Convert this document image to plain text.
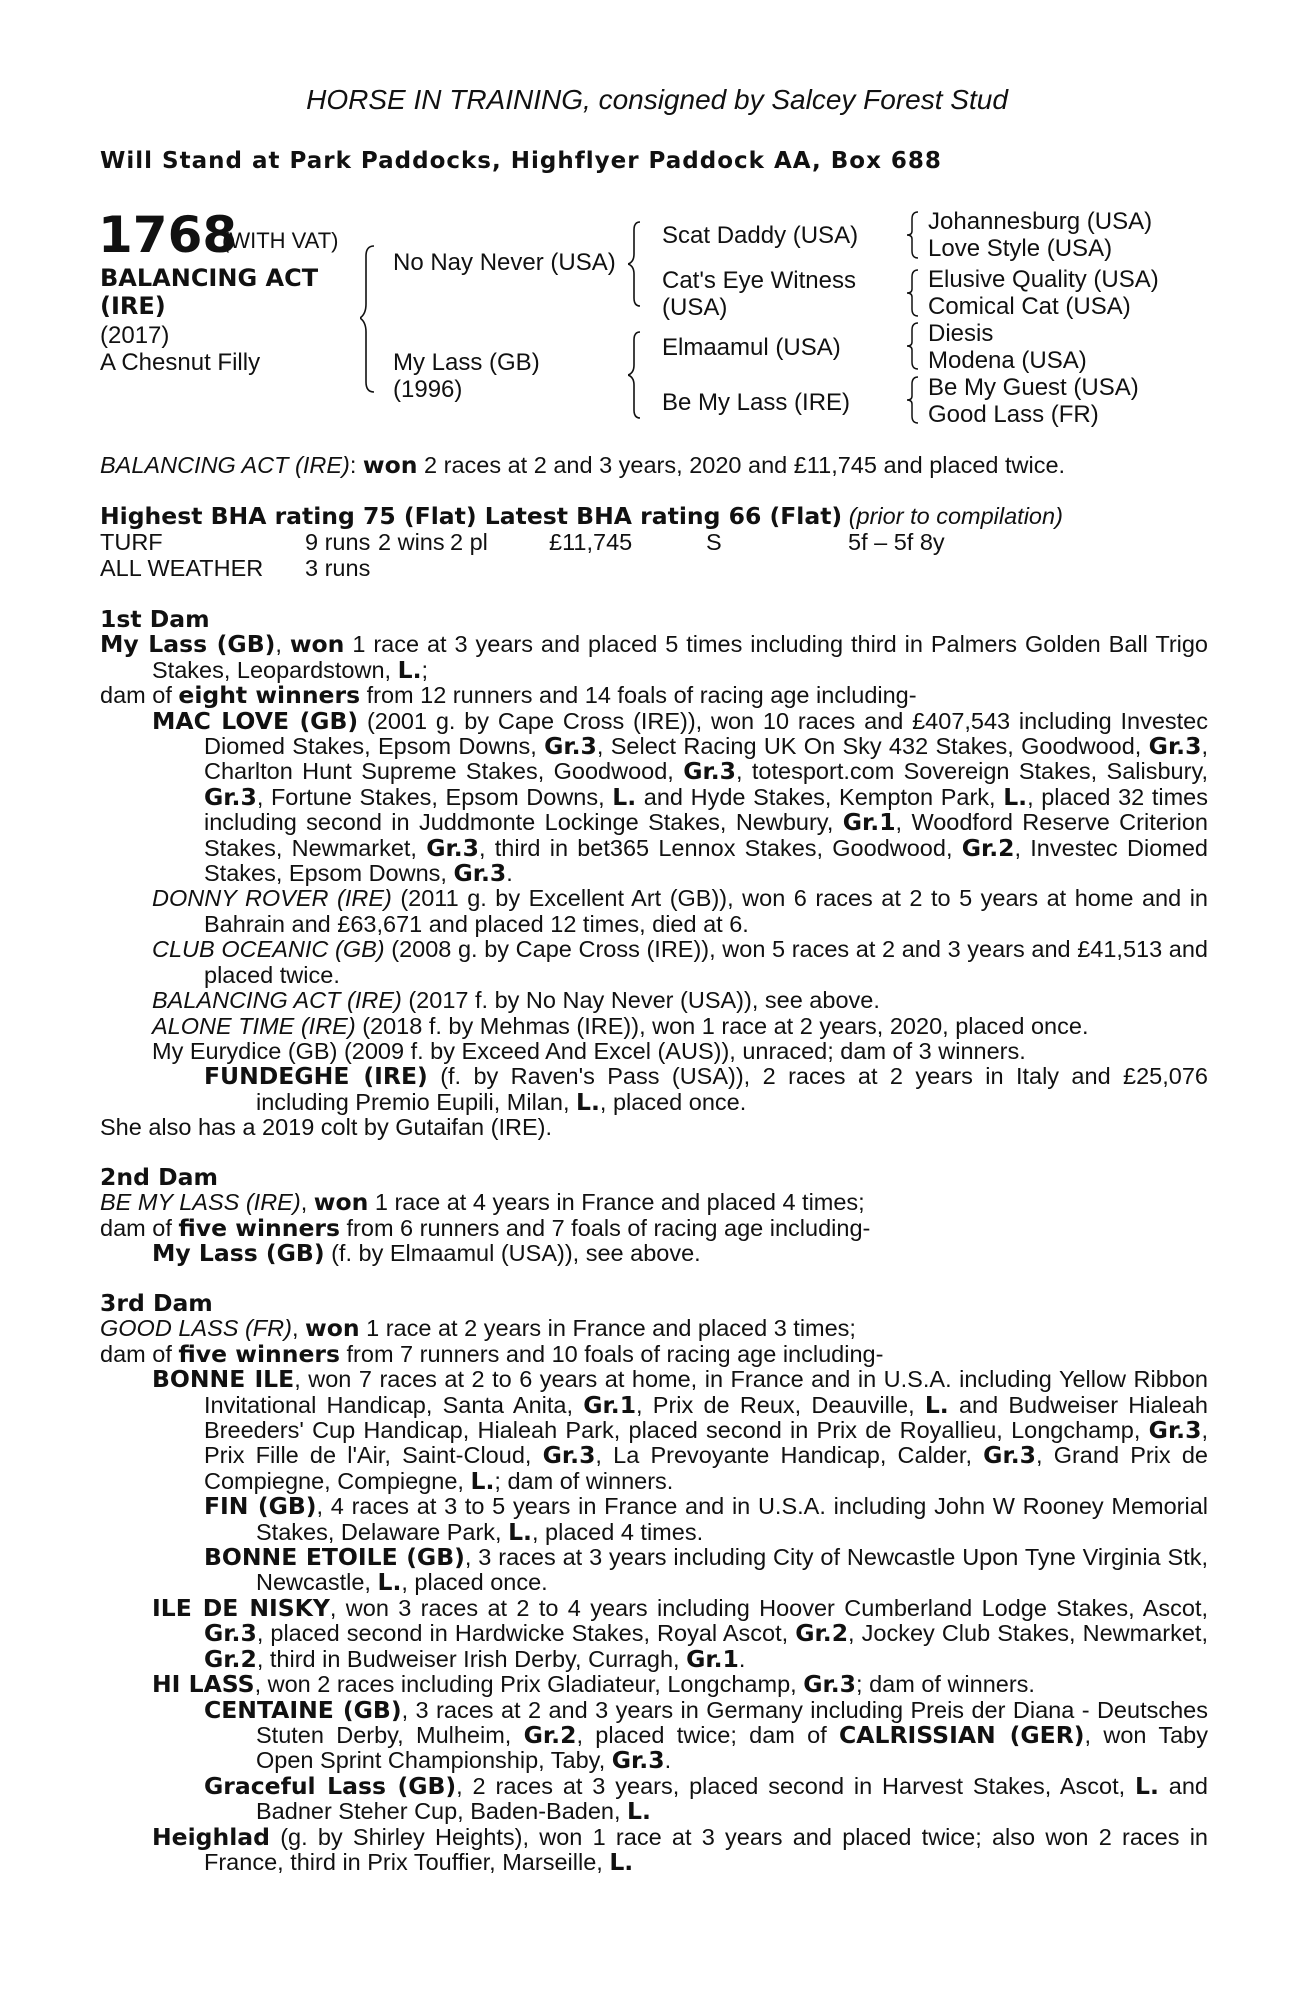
HORSE IN TRAINING, consigned by Salcey Forest Stud
Will Stand at Park Paddocks, Highflyer Paddock AA, Box 688
1768
(WITH VAT)
BALANCING ACT
(IRE)
(2017)
A Chesnut Filly
No Nay Never (USA)
My Lass (GB)
(1996)
Scat Daddy (USA)
Cat's Eye Witness
(USA)
Elmaamul (USA)
Be My Lass (IRE)
Johannesburg (USA)
Love Style (USA)
Elusive Quality (USA)
Comical Cat (USA)
Diesis
Modena (USA)
Be My Guest (USA)
Good Lass (FR)
BALANCING ACT (IRE): won 2 races at 2 and 3 years, 2020 and £11,745 and placed twice.
Highest BHA rating 75 (Flat) Latest BHA rating 66 (Flat) (prior to compilation)
TURF	9 runs 2 wins 2 pl	£11,745	S	5f – 5f 8y
ALL WEATHER 3 runs
1st Dam
My Lass (GB), won 1 race at 3 years and placed 5 times including third in Palmers Golden Ball Trigo Stakes, Leopardstown, L.;
dam of eight winners from 12 runners and 14 foals of racing age including-
MAC LOVE (GB) (2001 g. by Cape Cross (IRE)), won 10 races and £407,543 including Investec Diomed Stakes, Epsom Downs, Gr.3, Select Racing UK On Sky 432 Stakes, Goodwood, Gr.3, Charlton Hunt Supreme Stakes, Goodwood, Gr.3, totesport.com Sovereign Stakes, Salisbury, Gr.3, Fortune Stakes, Epsom Downs, L. and Hyde Stakes, Kempton Park, L., placed 32 times including second in Juddmonte Lockinge Stakes, Newbury, Gr.1, Woodford Reserve Criterion Stakes, Newmarket, Gr.3, third in bet365 Lennox Stakes, Goodwood, Gr.2, Investec Diomed Stakes, Epsom Downs, Gr.3.
DONNY ROVER (IRE) (2011 g. by Excellent Art (GB)), won 6 races at 2 to 5 years at home and in Bahrain and £63,671 and placed 12 times, died at 6.
CLUB OCEANIC (GB) (2008 g. by Cape Cross (IRE)), won 5 races at 2 and 3 years and £41,513 and placed twice.
BALANCING ACT (IRE) (2017 f. by No Nay Never (USA)), see above.
ALONE TIME (IRE) (2018 f. by Mehmas (IRE)), won 1 race at 2 years, 2020, placed once.
My Eurydice (GB) (2009 f. by Exceed And Excel (AUS)), unraced; dam of 3 winners.
FUNDEGHE (IRE) (f. by Raven's Pass (USA)), 2 races at 2 years in Italy and £25,076 including Premio Eupili, Milan, L., placed once.
She also has a 2019 colt by Gutaifan (IRE).
2nd Dam
BE MY LASS (IRE), won 1 race at 4 years in France and placed 4 times;
dam of five winners from 6 runners and 7 foals of racing age including-
My Lass (GB) (f. by Elmaamul (USA)), see above.
3rd Dam
GOOD LASS (FR), won 1 race at 2 years in France and placed 3 times;
dam of five winners from 7 runners and 10 foals of racing age including-
BONNE ILE, won 7 races at 2 to 6 years at home, in France and in U.S.A. including Yellow Ribbon Invitational Handicap, Santa Anita, Gr.1, Prix de Reux, Deauville, L. and Budweiser Hialeah Breeders' Cup Handicap, Hialeah Park, placed second in Prix de Royallieu, Longchamp, Gr.3, Prix Fille de l'Air, Saint-Cloud, Gr.3, La Prevoyante Handicap, Calder, Gr.3, Grand Prix de Compiegne, Compiegne, L.; dam of winners.
FIN (GB), 4 races at 3 to 5 years in France and in U.S.A. including John W Rooney Memorial Stakes, Delaware Park, L., placed 4 times.
BONNE ETOILE (GB), 3 races at 3 years including City of Newcastle Upon Tyne Virginia Stk, Newcastle, L., placed once.
ILE DE NISKY, won 3 races at 2 to 4 years including Hoover Cumberland Lodge Stakes, Ascot, Gr.3, placed second in Hardwicke Stakes, Royal Ascot, Gr.2, Jockey Club Stakes, Newmarket, Gr.2, third in Budweiser Irish Derby, Curragh, Gr.1.
HI LASS, won 2 races including Prix Gladiateur, Longchamp, Gr.3; dam of winners.
CENTAINE (GB), 3 races at 2 and 3 years in Germany including Preis der Diana - Deutsches Stuten Derby, Mulheim, Gr.2, placed twice; dam of CALRISSIAN (GER), won Taby Open Sprint Championship, Taby, Gr.3.
Graceful Lass (GB), 2 races at 3 years, placed second in Harvest Stakes, Ascot, L. and Badner Steher Cup, Baden-Baden, L.
Heighlad (g. by Shirley Heights), won 1 race at 3 years and placed twice; also won 2 races in France, third in Prix Touffier, Marseille, L.
